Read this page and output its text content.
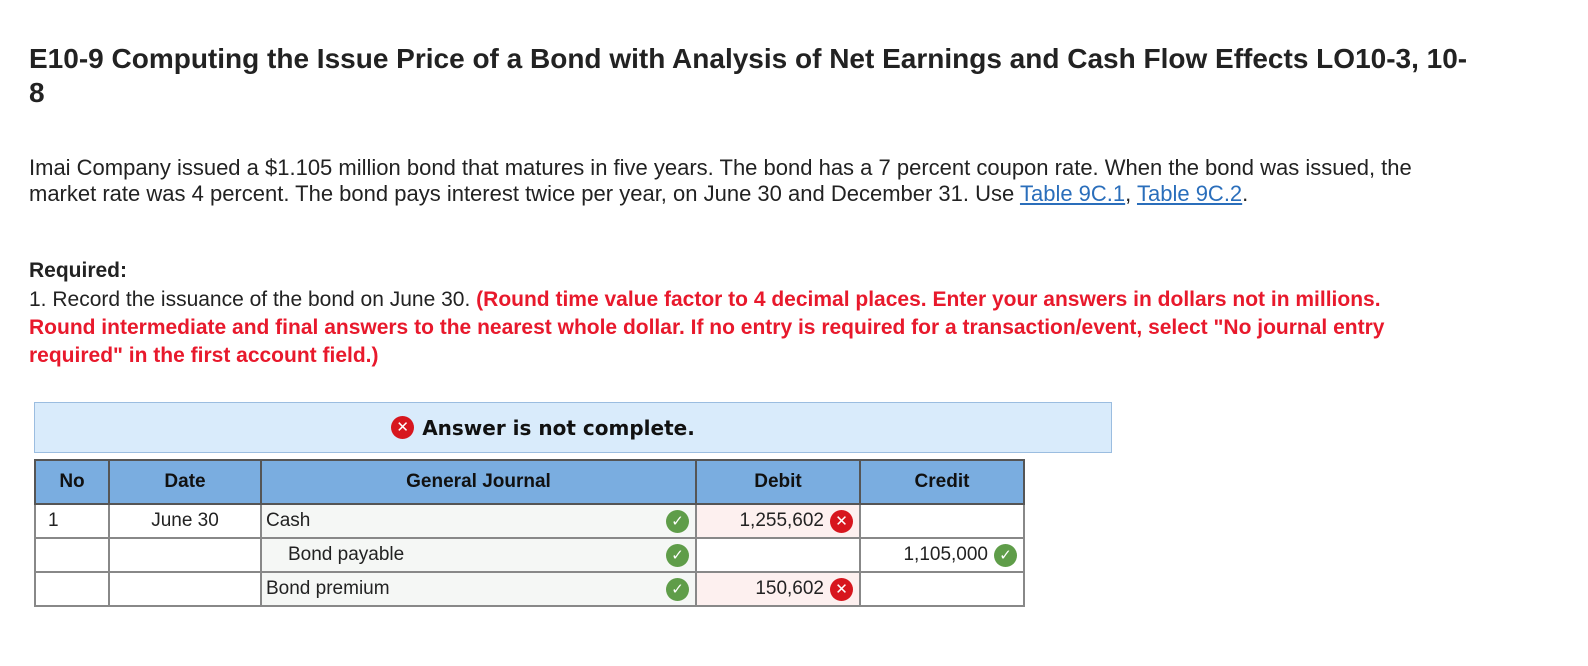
E10-9 Computing the Issue Price of a Bond with Analysis of Net Earnings and Cash Flow Effects LO10-3, 10-8
Imai Company issued a $1.105 million bond that matures in five years. The bond has a 7 percent coupon rate. When the bond was issued, the market rate was 4 percent. The bond pays interest twice per year, on June 30 and December 31. Use Table 9C.1, Table 9C.2.
Required:
1. Record the issuance of the bond on June 30. (Round time value factor to 4 decimal places. Enter your answers in dollars not in millions. Round intermediate and final answers to the nearest whole dollar. If no entry is required for a transaction/event, select "No journal entry required" in the first account field.)
✕ Answer is not complete.
No	Date	General Journal	Debit	Credit
1	June 30	Cash ✓	1,255,602 ✕	

		Bond payable ✓		1,105,000 ✓

		Bond premium ✓	150,602 ✕	
